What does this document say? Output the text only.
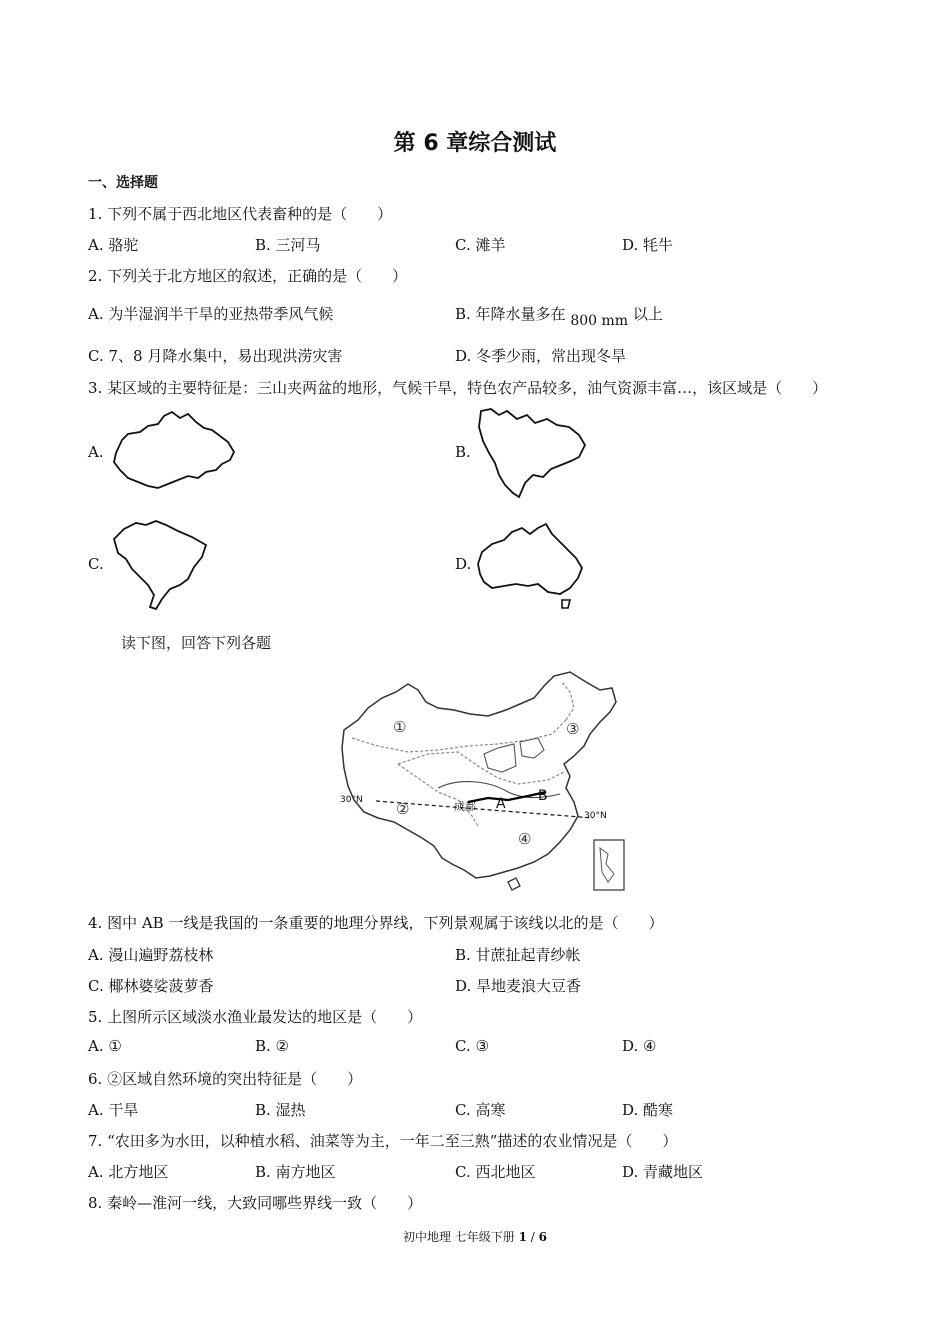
第 6 章综合测试
一、选择题
1. 下列不属于西北地区代表畜种的是（　　）
A. 骆驼	B. 三河马	C. 滩羊	D. 牦牛
2. 下列关于北方地区的叙述，正确的是（　　）
A. 为半湿润半干旱的亚热带季风气候	B. 年降水量多在 800 mm 以上
C. 7、8 月降水集中，易出现洪涝灾害	D. 冬季少雨，常出现冬旱
3. 某区域的主要特征是：三山夹两盆的地形，气候干旱，特色农产品较多，油气资源丰富…，该区域是（　　）
A.	B.
C.	D.
读下图，回答下列各题
①
②
③
④
A B
成都
30°N
30°N
4. 图中 AB 一线是我国的一条重要的地理分界线，下列景观属于该线以北的是（　　）
A. 漫山遍野荔枝林	B. 甘蔗扯起青纱帐
C. 椰林婆娑菠萝香	D. 旱地麦浪大豆香
5. 上图所示区域淡水渔业最发达的地区是（　　）
A. ①	B. ②	C. ③	D. ④
6. ②区域自然环境的突出特征是（　　）
A. 干旱	B. 湿热	C. 高寒	D. 酷寒
7. “农田多为水田，以种植水稻、油菜等为主，一年二至三熟”描述的农业情况是（　　）
A. 北方地区	B. 南方地区	C. 西北地区	D. 青藏地区
8. 秦岭—淮河一线，大致同哪些界线一致（　　）
初中地理 七年级下册 1 / 6
